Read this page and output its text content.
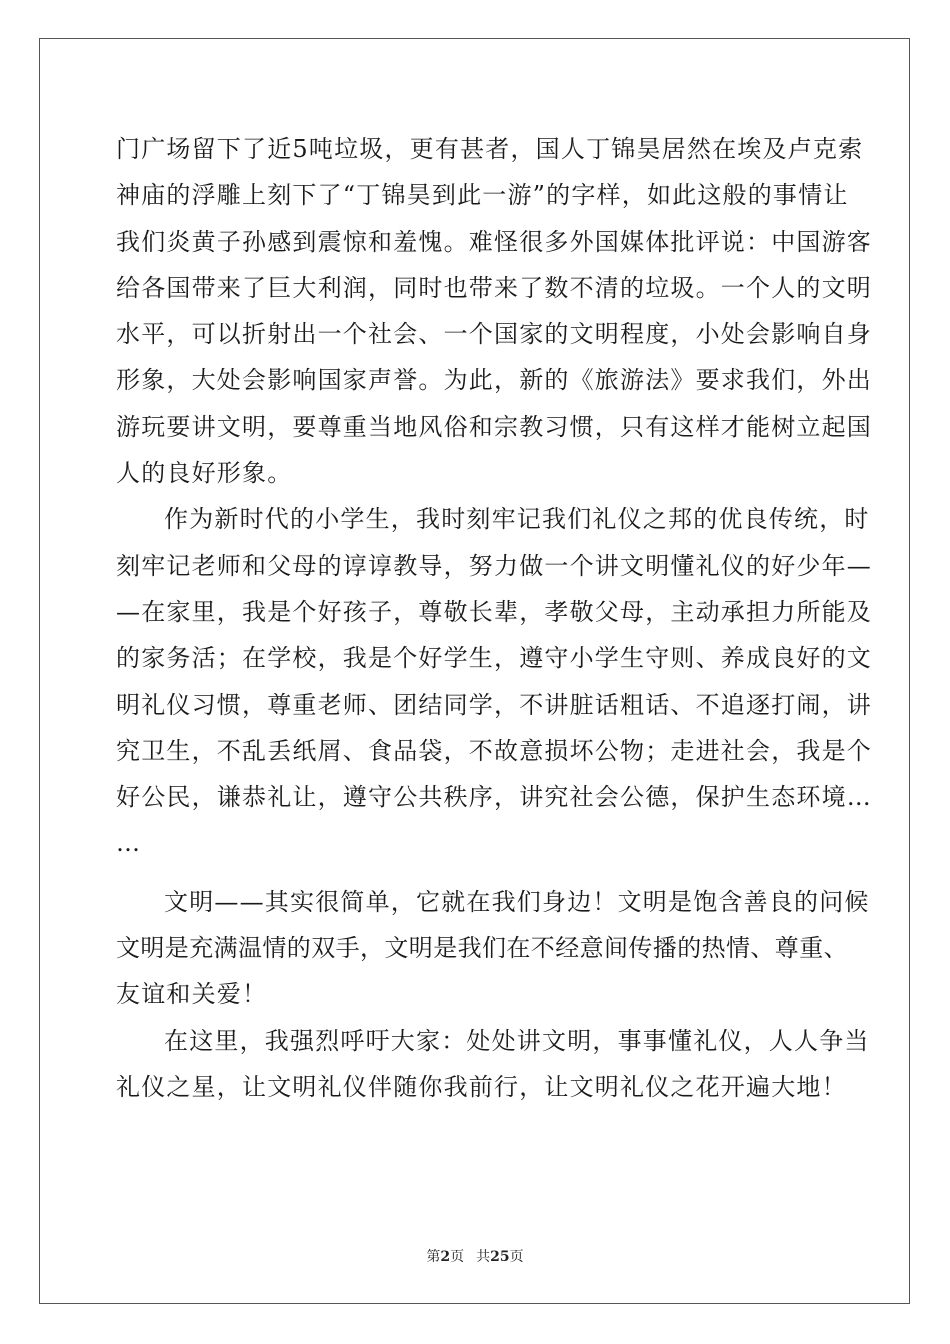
门广场留下了近5吨垃圾，更有甚者，国人丁锦昊居然在埃及卢克索
神庙的浮雕上刻下了“丁锦昊到此一游”的字样，如此这般的事情让
我们炎黄子孙感到震惊和羞愧。难怪很多外国媒体批评说：中国游客
给各国带来了巨大利润，同时也带来了数不清的垃圾。一个人的文明
水平，可以折射出一个社会、一个国家的文明程度，小处会影响自身
形象，大处会影响国家声誉。为此，新的《旅游法》要求我们，外出
游玩要讲文明，要尊重当地风俗和宗教习惯，只有这样才能树立起国
人的良好形象。
作为新时代的小学生，我时刻牢记我们礼仪之邦的优良传统，时
刻牢记老师和父母的谆谆教导，努力做一个讲文明懂礼仪的好少年—
—在家里，我是个好孩子，尊敬长辈，孝敬父母，主动承担力所能及
的家务活；在学校，我是个好学生，遵守小学生守则、养成良好的文
明礼仪习惯，尊重老师、团结同学，不讲脏话粗话、不追逐打闹，讲
究卫生，不乱丢纸屑、食品袋，不故意损坏公物；走进社会，我是个
好公民，谦恭礼让，遵守公共秩序，讲究社会公德，保护生态环境…
…
文明——其实很简单，它就在我们身边！文明是饱含善良的问候
文明是充满温情的双手，文明是我们在不经意间传播的热情、尊重、
友谊和关爱！
在这里，我强烈呼吁大家：处处讲文明，事事懂礼仪，人人争当
礼仪之星，让文明礼仪伴随你我前行，让文明礼仪之花开遍大地！
第2页 共25页
